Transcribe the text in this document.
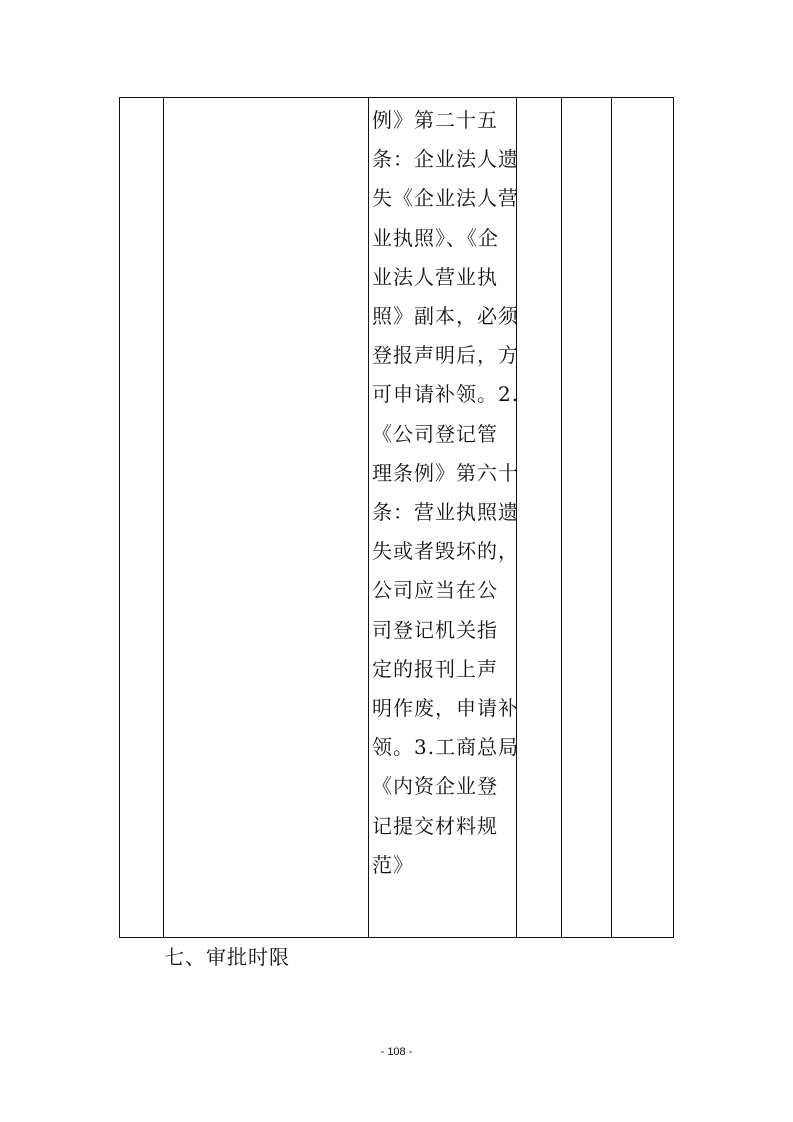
例》第二十五
条：企业法人遗
失《企业法人营
业执照》、《企
业法人营业执
照》副本，必须
登报声明后，方
可申请补领。2.
《公司登记管
理条例》第六十
条：营业执照遗
失或者毁坏的，
公司应当在公
司登记机关指
定的报刊上声
明作废，申请补
领。3.工商总局
《内资企业登
记提交材料规
范》
七、审批时限
- 108 -
